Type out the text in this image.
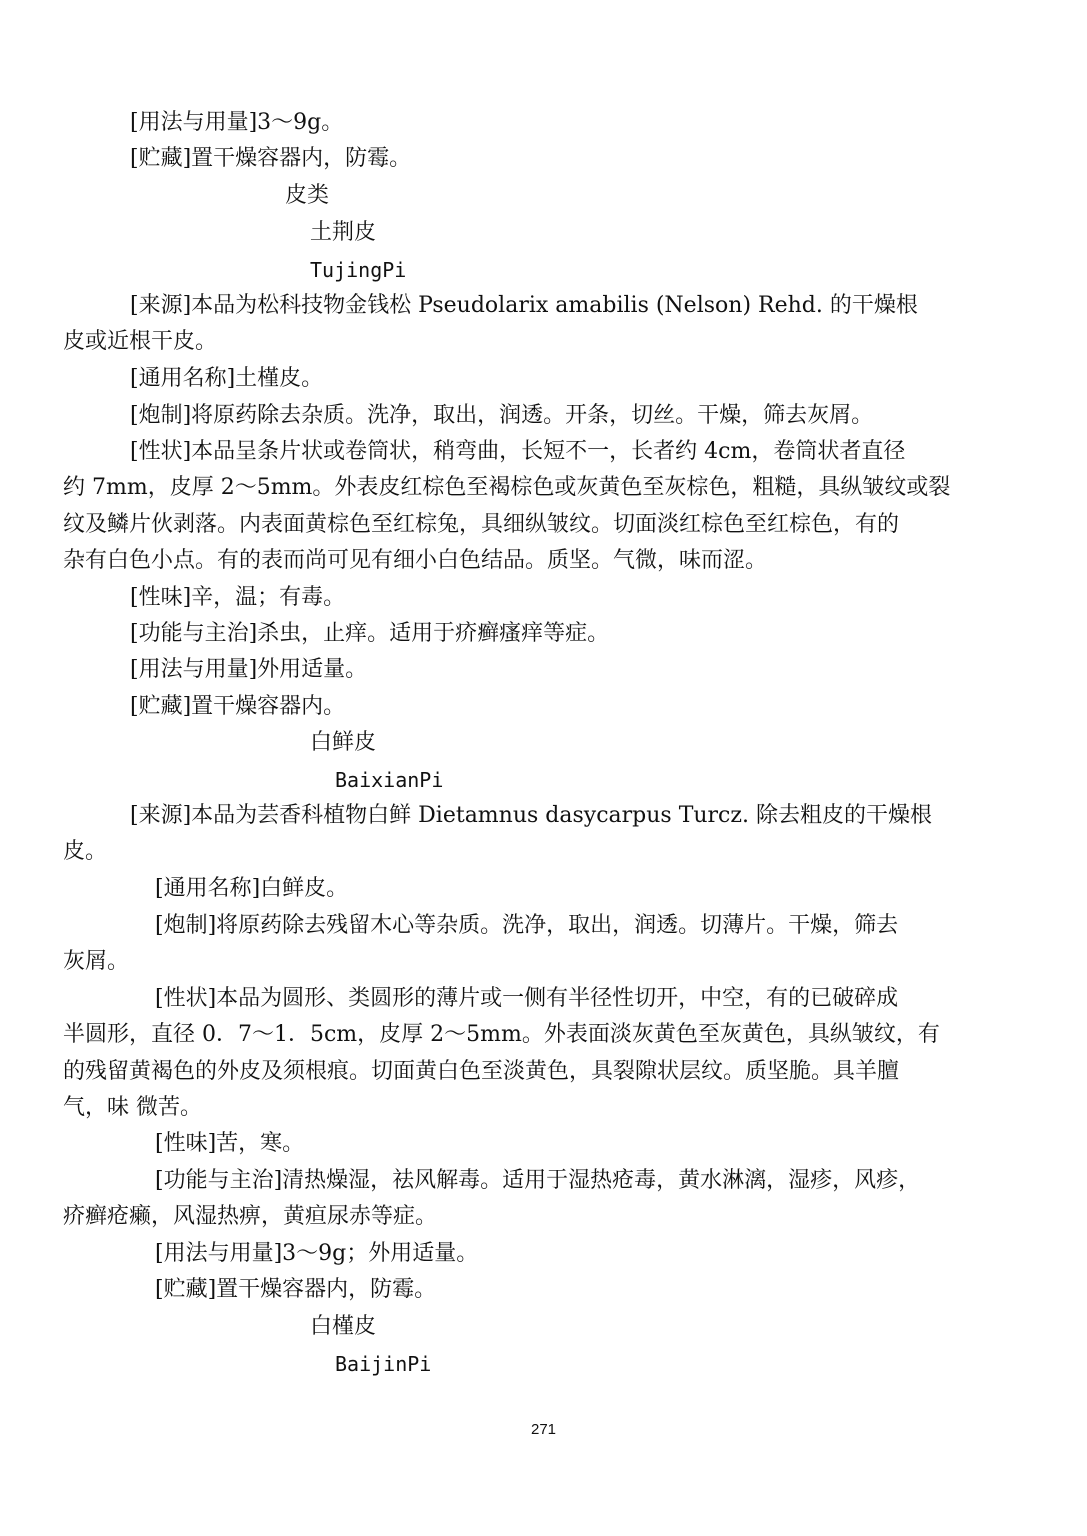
[用法与用量]3～9g。
[贮藏]置干燥容器内，防霉。
皮类
土荆皮
TujingPi
[来源]本品为松科技物金钱松 Pseudolarix amabilis (Nelson) Rehd. 的干燥根
皮或近根干皮。
[通用名称]土槿皮。
[炮制]将原药除去杂质。洗净，取出，润透。开条，切丝。干燥，筛去灰屑。
[性状]本品呈条片状或卷筒状，稍弯曲，长短不一，长者约 4cm，卷筒状者直径
约 7mm，皮厚 2～5mm。外表皮红棕色至褐棕色或灰黄色至灰棕色，粗糙，具纵皱纹或裂
纹及鳞片伙剥落。内表面黄棕色至红棕兔，具细纵皱纹。切面淡红棕色至红棕色，有的
杂有白色小点。有的表而尚可见有细小白色结品。质坚。气微，味而涩。
[性味]辛，温；有毒。
[功能与主治]杀虫，止痒。适用于疥癣瘙痒等症。
[用法与用量]外用适量。
[贮藏]置干燥容器内。
白鲜皮
BaixianPi
[来源]本品为芸香科植物白鲜 Dietamnus dasycarpus Turcz. 除去粗皮的干燥根
皮。
[通用名称]白鲜皮。
[炮制]将原药除去残留木心等杂质。洗净，取出，润透。切薄片。干燥，筛去
灰屑。
[性状]本品为圆形、类圆形的薄片或一侧有半径性切开，中空，有的已破碎成
半圆形，直径 0．7～1．5cm，皮厚 2～5mm。外表面淡灰黄色至灰黄色，具纵皱纹，有
的残留黄褐色的外皮及须根痕。切面黄白色至淡黄色，具裂隙状层纹。质坚脆。具羊膻
气，味 微苦。
[性味]苦，寒。
[功能与主治]清热燥湿，祛风解毒。适用于湿热疮毒，黄水淋漓，湿疹，风疹，
疥癣疮癞，风湿热痹，黄疸尿赤等症。
[用法与用量]3～9g；外用适量。
[贮藏]置干燥容器内，防霉。
白槿皮
BaijinPi
271
